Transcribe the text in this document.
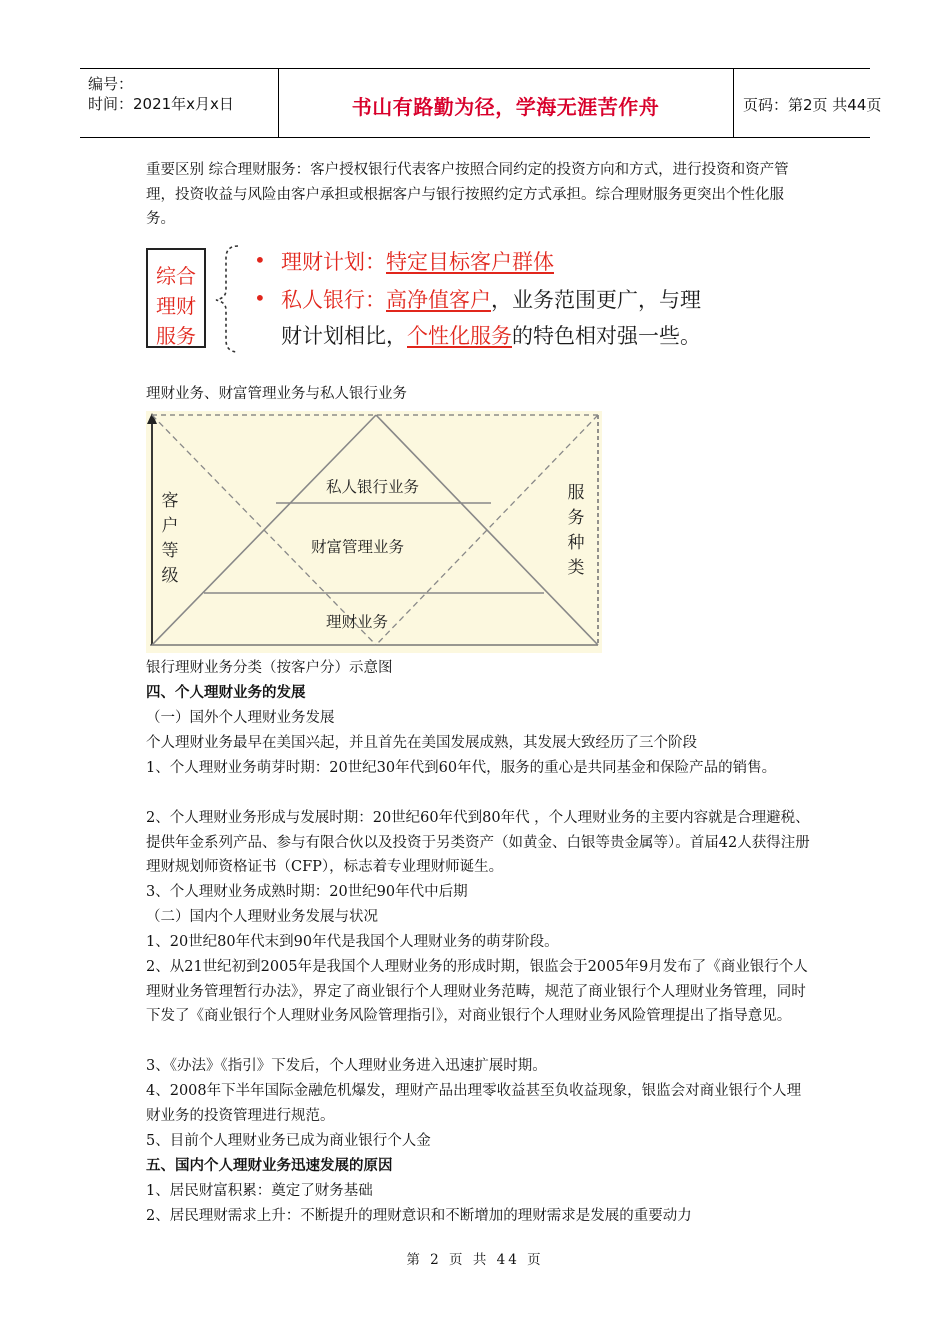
编号：
时间：2021年x月x日	书山有路勤为径，学海无涯苦作舟	页码：第2页 共44页
重要区别 综合理财服务：客户授权银行代表客户按照合同约定的投资方向和方式，进行投资和资产管理，投资收益与风险由客户承担或根据客户与银行按照约定方式承担。综合理财服务更突出个性化服务。
综合
理财
服务
• 理财计划：特定目标客户群体
• 私人银行：高净值客户，业务范围更广，与理
财计划相比，个性化服务的特色相对强一些。
理财业务、财富管理业务与私人银行业务
私人银行业务
财富管理业务
理财业务
客
户
等
级
服
务
种
类
银行理财业务分类（按客户分）示意图
四、个人理财业务的发展
（一）国外个人理财业务发展
个人理财业务最早在美国兴起，并且首先在美国发展成熟，其发展大致经历了三个阶段
1、个人理财业务萌芽时期：20世纪30年代到60年代，服务的重心是共同基金和保险产品的销售。
2、个人理财业务形成与发展时期：20世纪60年代到80年代 ，个人理财业务的主要内容就是合理避税、提供年金系列产品、参与有限合伙以及投资于另类资产（如黄金、白银等贵金属等）。首届42人获得注册理财规划师资格证书（CFP），标志着专业理财师诞生。
3、个人理财业务成熟时期：20世纪90年代中后期
（二）国内个人理财业务发展与状况
1、20世纪80年代末到90年代是我国个人理财业务的萌芽阶段。
2、从21世纪初到2005年是我国个人理财业务的形成时期，银监会于2005年9月发布了《商业银行个人理财业务管理暂行办法》，界定了商业银行个人理财业务范畴，规范了商业银行个人理财业务管理，同时下发了《商业银行个人理财业务风险管理指引》，对商业银行个人理财业务风险管理提出了指导意见。
3、《办法》《指引》下发后，个人理财业务进入迅速扩展时期。
4、2008年下半年国际金融危机爆发，理财产品出理零收益甚至负收益现象，银监会对商业银行个人理财业务的投资管理进行规范。
5、目前个人理财业务已成为商业银行个人金
五、国内个人理财业务迅速发展的原因
1、居民财富积累：奠定了财务基础
2、居民理财需求上升：不断提升的理财意识和不断增加的理财需求是发展的重要动力
第 2 页 共 44 页
